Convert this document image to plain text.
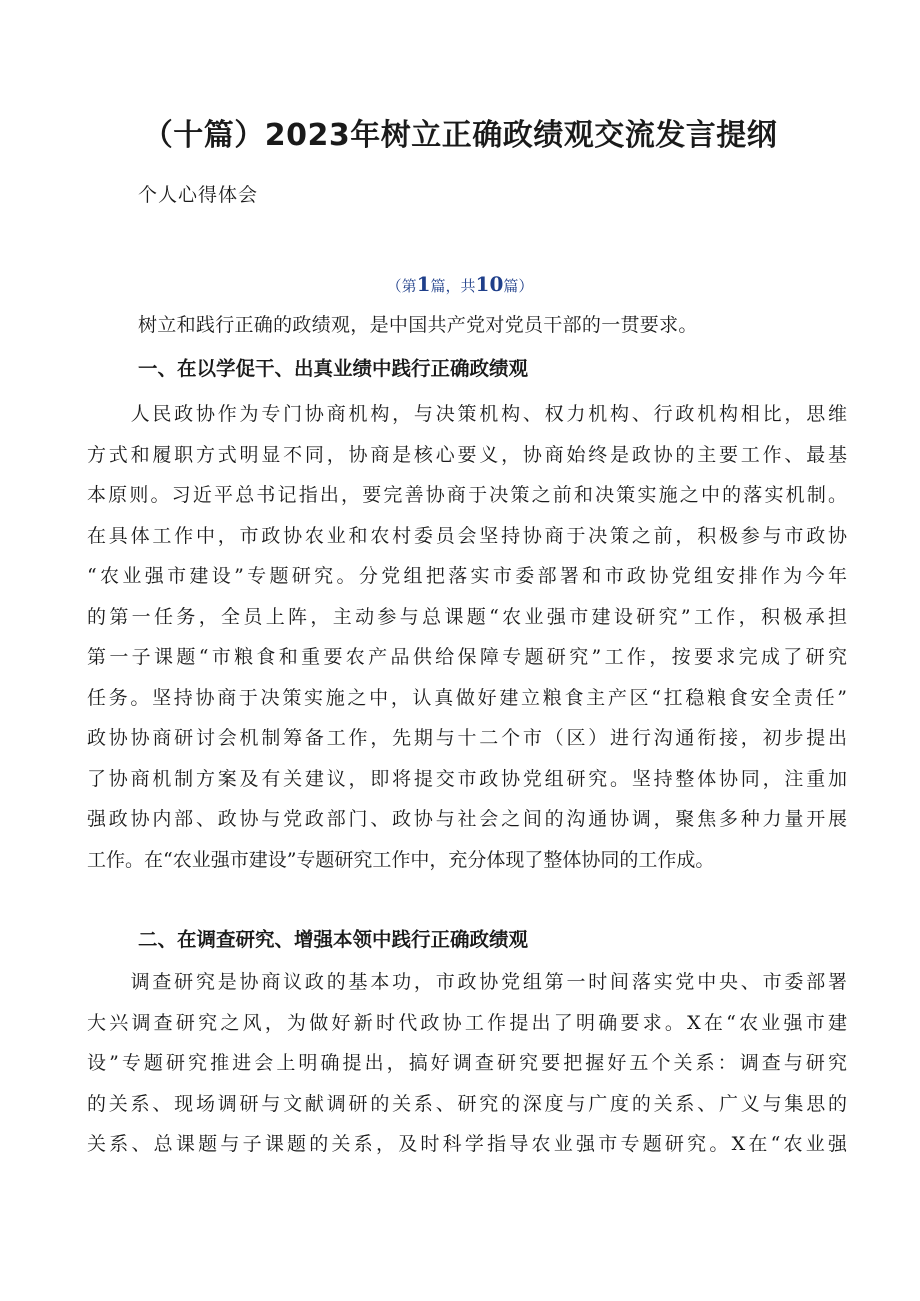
（十篇）2023年树立正确政绩观交流发言提纲

个人心得体会

（第1篇，共10篇）

树立和践行正确的政绩观，是中国共产党对党员干部的一贯要求。

一、在以学促干、出真业绩中践行正确政绩观
　　人民政协作为专门协商机构，与决策机构、权力机构、行政机构相比，思维
方式和履职方式明显不同，协商是核心要义，协商始终是政协的主要工作、最基
本原则。习近平总书记指出，要完善协商于决策之前和决策实施之中的落实机制。
在具体工作中，市政协农业和农村委员会坚持协商于决策之前，积极参与市政协
“农业强市建设”专题研究。分党组把落实市委部署和市政协党组安排作为今年
的第一任务，全员上阵，主动参与总课题“农业强市建设研究”工作，积极承担
第一子课题“市粮食和重要农产品供给保障专题研究”工作，按要求完成了研究
任务。坚持协商于决策实施之中，认真做好建立粮食主产区“扛稳粮食安全责任”
政协协商研讨会机制筹备工作，先期与十二个市（区）进行沟通衔接，初步提出
了协商机制方案及有关建议，即将提交市政协党组研究。坚持整体协同，注重加
强政协内部、政协与党政部门、政协与社会之间的沟通协调，聚焦多种力量开展
工作。在“农业强市建设”专题研究工作中，充分体现了整体协同的工作成。
二、在调查研究、增强本领中践行正确政绩观
　　调查研究是协商议政的基本功，市政协党组第一时间落实党中央、市委部署
大兴调查研究之风，为做好新时代政协工作提出了明确要求。X在“农业强市建
设”专题研究推进会上明确提出，搞好调查研究要把握好五个关系：调查与研究
的关系、现场调研与文献调研的关系、研究的深度与广度的关系、广义与集思的
关系、总课题与子课题的关系，及时科学指导农业强市专题研究。X在“农业强
